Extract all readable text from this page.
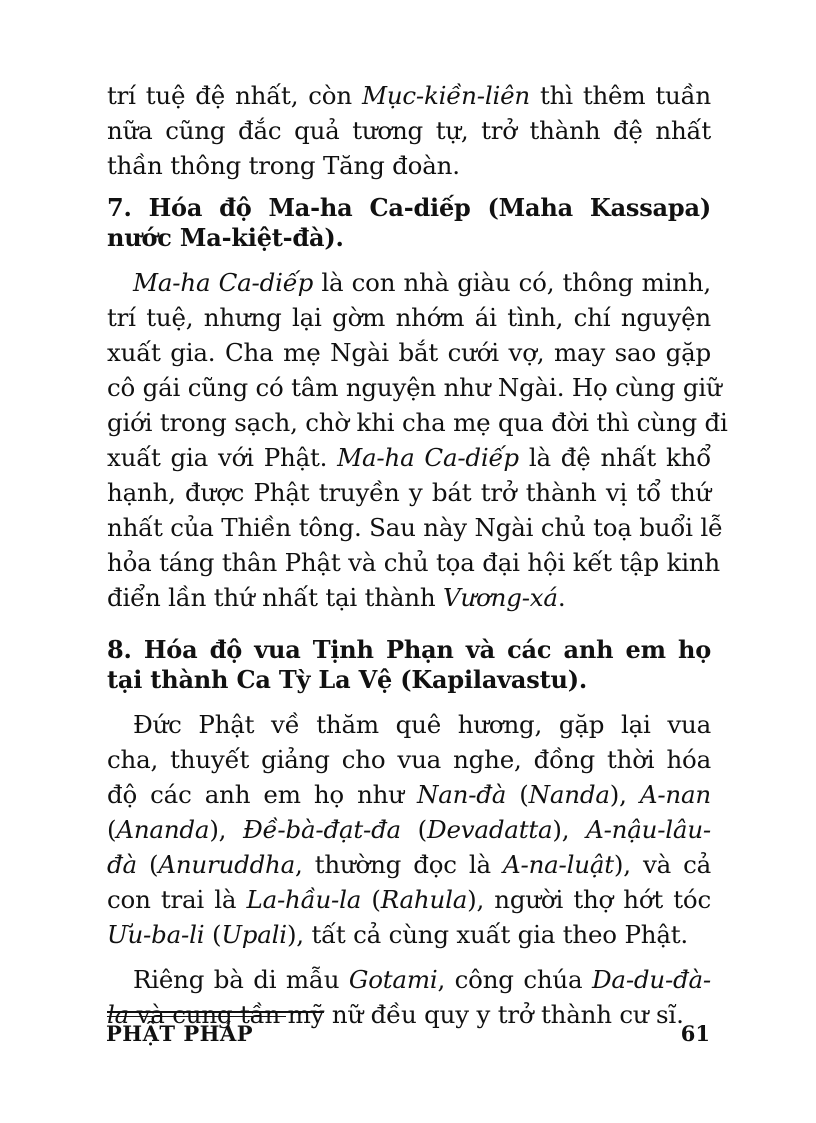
trí tuệ đệ nhất, còn Mục-kiền-liên thì thêm tuần
nữa cũng đắc quả tương tự, trở thành đệ nhất
thần thông trong Tăng đoàn.
7. Hóa độ Ma-ha Ca-diếp (Maha Kassapa)
nước Ma-kiệt-đà).
Ma-ha Ca-diếp là con nhà giàu có, thông minh,
trí tuệ, nhưng lại gờm nhớm ái tình, chí nguyện
xuất gia. Cha mẹ Ngài bắt cưới vợ, may sao gặp
cô gái cũng có tâm nguyện như Ngài. Họ cùng giữ
giới trong sạch, chờ khi cha mẹ qua đời thì cùng đi
xuất gia với Phật. Ma-ha Ca-diếp là đệ nhất khổ
hạnh, được Phật truyền y bát trở thành vị tổ thứ
nhất của Thiền tông. Sau này Ngài chủ toạ buổi lễ
hỏa táng thân Phật và chủ tọa đại hội kết tập kinh
điển lần thứ nhất tại thành Vương-xá.
8. Hóa độ vua Tịnh Phạn và các anh em họ
tại thành Ca Tỳ La Vệ (Kapilavastu).
Đức Phật về thăm quê hương, gặp lại vua
cha, thuyết giảng cho vua nghe, đồng thời hóa
độ các anh em họ như Nan-đà (Nanda), A-nan
(Ananda), Đề-bà-đạt-đa (Devadatta), A-nậu-lâu-
đà (Anuruddha, thường đọc là A-na-luật), và cả
con trai là La-hầu-la (Rahula), người thợ hớt tóc
Ưu-ba-li (Upali), tất cả cùng xuất gia theo Phật.
Riêng bà di mẫu Gotami, công chúa Da-du-đà-
la và cung tần mỹ nữ đều quy y trở thành cư sĩ.
PHẬT PHÁP	61
